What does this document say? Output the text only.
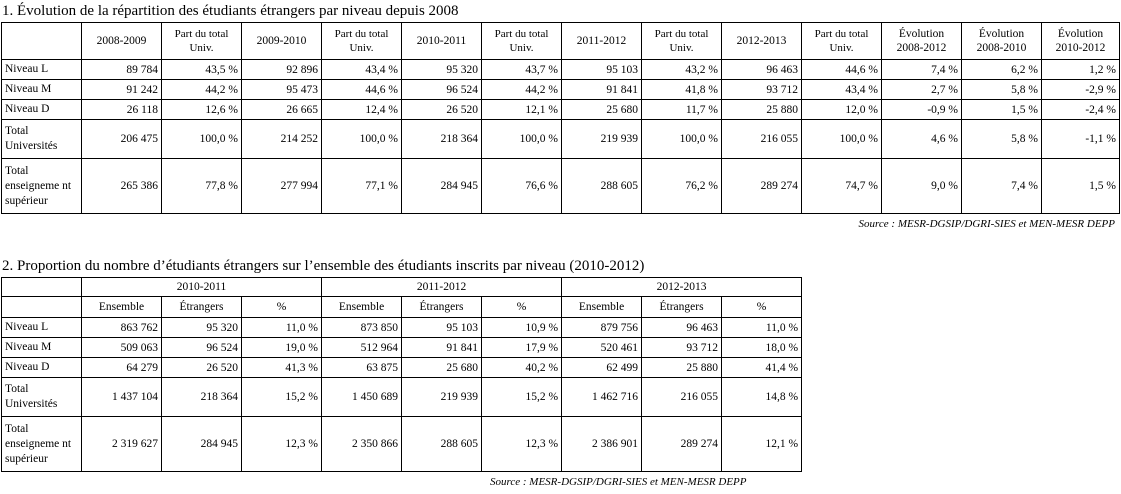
1. Évolution de la répartition des étudiants étrangers par niveau depuis 2008
	2008-2009	Part du total Univ.	2009-2010	Part du total Univ.	2010-2011	Part du total Univ.	2011-2012	Part du total Univ.	2012-2013	Part du total Univ.	Évolution 2008-2012	Évolution 2008-2010	Évolution 2010-2012
Niveau L	89 784	43,5 %	92 896	43,4 %	95 320	43,7 %	95 103	43,2 %	96 463	44,6 %	7,4 %	6,2 %	1,2 %
Niveau M	91 242	44,2 %	95 473	44,6 %	96 524	44,2 %	91 841	41,8 %	93 712	43,4 %	2,7 %	5,8 %	-2,9 %
Niveau D	26 118	12,6 %	26 665	12,4 %	26 520	12,1 %	25 680	11,7 %	25 880	12,0 %	-0,9 %	1,5 %	-2,4 %
Total Universités	206 475	100,0 %	214 252	100,0 %	218 364	100,0 %	219 939	100,0 %	216 055	100,0 %	4,6 %	5,8 %	-1,1 %
Total enseigneme nt supérieur	265 386	77,8 %	277 994	77,1 %	284 945	76,6 %	288 605	76,2 %	289 274	74,7 %	9,0 %	7,4 %	1,5 %
Source : MESR-DGSIP/DGRI-SIES et MEN-MESR DEPP
2. Proportion du nombre d’étudiants étrangers sur l’ensemble des étudiants inscrits par niveau (2010-2012)
	2010-2011			2011-2012			2012-2013		
	Ensemble	Étrangers	%	Ensemble	Étrangers	%	Ensemble	Étrangers	%
Niveau L	863 762	95 320	11,0 %	873 850	95 103	10,9 %	879 756	96 463	11,0 %
Niveau M	509 063	96 524	19,0 %	512 964	91 841	17,9 %	520 461	93 712	18,0 %
Niveau D	64 279	26 520	41,3 %	63 875	25 680	40,2 %	62 499	25 880	41,4 %
Total Universités	1 437 104	218 364	15,2 %	1 450 689	219 939	15,2 %	1 462 716	216 055	14,8 %
Total enseigneme nt supérieur	2 319 627	284 945	12,3 %	2 350 866	288 605	12,3 %	2 386 901	289 274	12,1 %
Source : MESR-DGSIP/DGRI-SIES et MEN-MESR DEPP
